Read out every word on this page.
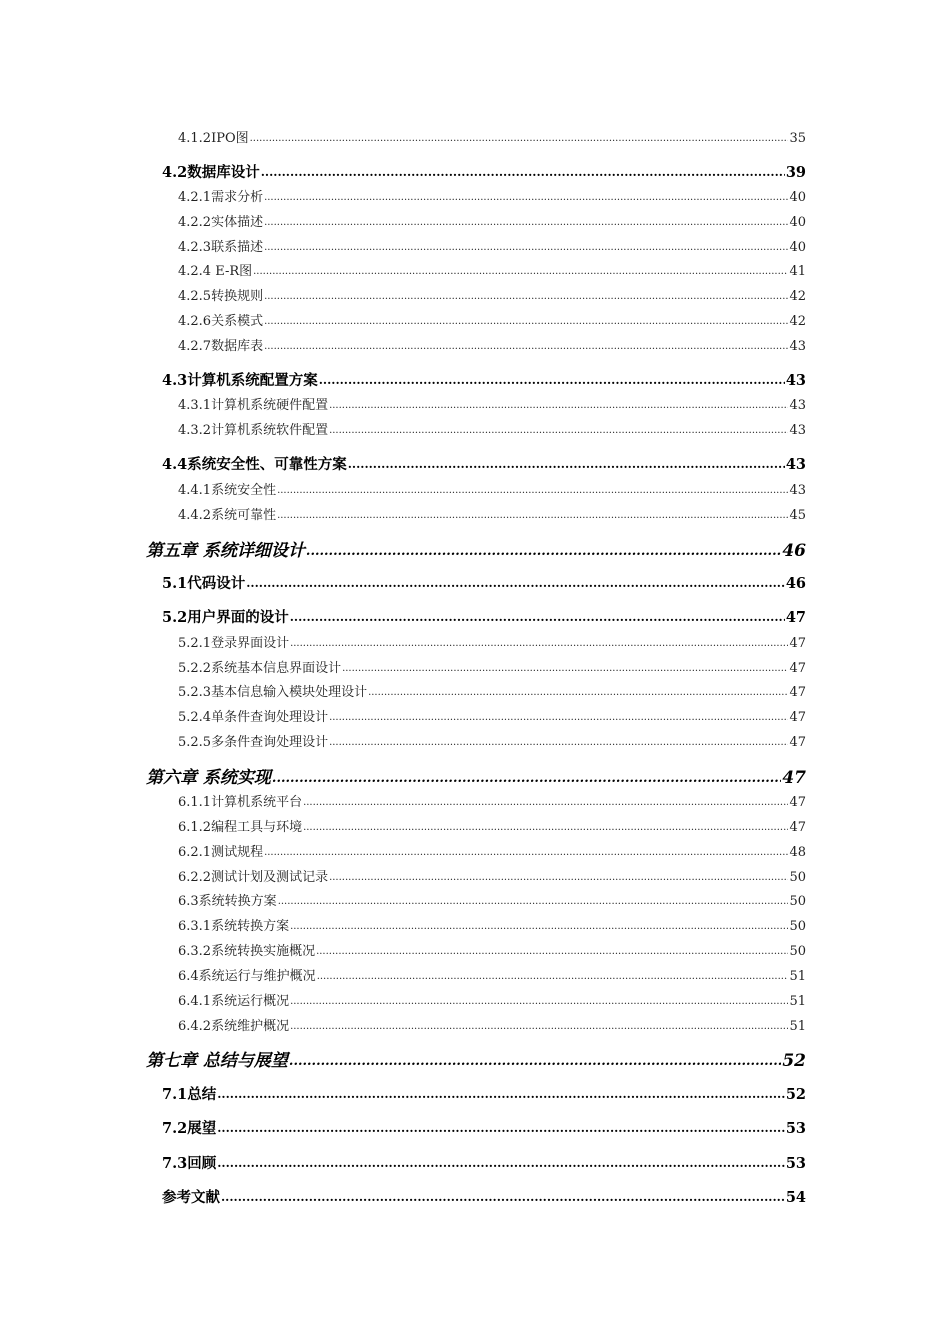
4.1.2IPO图 .....	35
4.2数据库设计 .....	39
4.2.1需求分析 .....	40
4.2.2实体描述 .....	40
4.2.3联系描述 .....	40
4.2.4 E-R图 .....	41
4.2.5转换规则 .....	42
4.2.6关系模式 .....	42
4.2.7数据库表 .....	43
4.3计算机系统配置方案 .....	43
4.3.1计算机系统硬件配置 .....	43
4.3.2计算机系统软件配置 .....	43
4.4系统安全性、可靠性方案 .....	43
4.4.1系统安全性 .....	43
4.4.2系统可靠性 .....	45
第五章 系统详细设计 .....	46
5.1代码设计 .....	46
5.2用户界面的设计 .....	47
5.2.1登录界面设计 .....	47
5.2.2系统基本信息界面设计 .....	47
5.2.3基本信息输入模块处理设计 .....	47
5.2.4单条件查询处理设计 .....	47
5.2.5多条件查询处理设计 .....	47
第六章 系统实现 .....	47
6.1.1计算机系统平台 .....	47
6.1.2编程工具与环境 .....	47
6.2.1测试规程 .....	48
6.2.2测试计划及测试记录 .....	50
6.3系统转换方案 .....	50
6.3.1系统转换方案 .....	50
6.3.2系统转换实施概况 .....	50
6.4系统运行与维护概况 .....	51
6.4.1系统运行概况 .....	51
6.4.2系统维护概况 .....	51
第七章 总结与展望 .....	52
7.1总结 .....	52
7.2展望 .....	53
7.3回顾 .....	53
参考文献 .....	54
